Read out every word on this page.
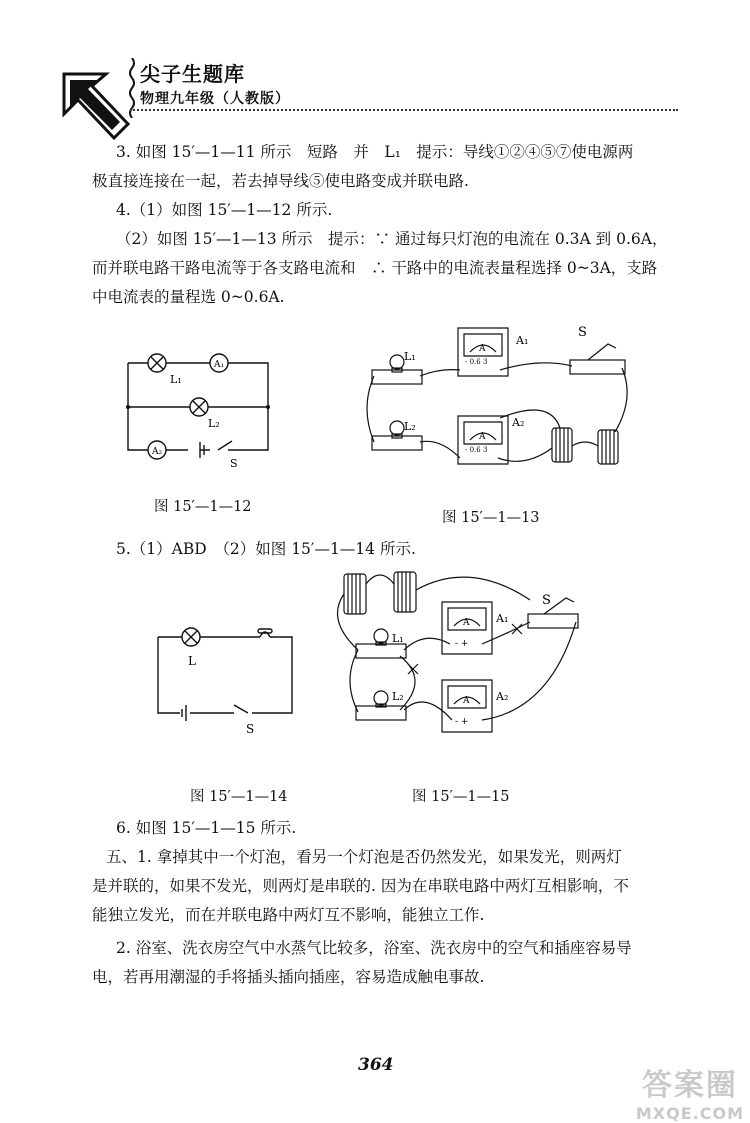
尖子生题库
物理九年级（人教版）
3. 如图 15′—1—11 所示　短路　并　L₁　提示：导线①②④⑤⑦使电源两
极直接连接在一起，若去掉导线⑤使电路变成并联电路.
4.（1）如图 15′—1—12 所示.
（2）如图 15′—1—13 所示　提示：∵ 通过每只灯泡的电流在 0.3A 到 0.6A，
而并联电路干路电流等于各支路电流和　∴ 干路中的电流表量程选择 0~3A，支路
中电流表的量程选 0~0.6A.
A₁
A₂
L₁
L₂
S
图 15′—1—12
- 0.6 3
- 0.6 3
A
A
L₁
L₂
A₁
A₂
S
图 15′—1—13
5.（1）ABD　（2）如图 15′—1—14 所示.
L
S
图 15′—1—14
- +
- +
A
A
L₁
L₂
A₁
A₂
S
图 15′—1—15
6. 如图 15′—1—15 所示.
五、1. 拿掉其中一个灯泡，看另一个灯泡是否仍然发光，如果发光，则两灯
是并联的，如果不发光，则两灯是串联的. 因为在串联电路中两灯互相影响，不
能独立发光，而在并联电路中两灯互不影响，能独立工作.
2. 浴室、洗衣房空气中水蒸气比较多，浴室、洗衣房中的空气和插座容易导
电，若再用潮湿的手将插头插向插座，容易造成触电事故.
364
答案圈
MXQE.COM
